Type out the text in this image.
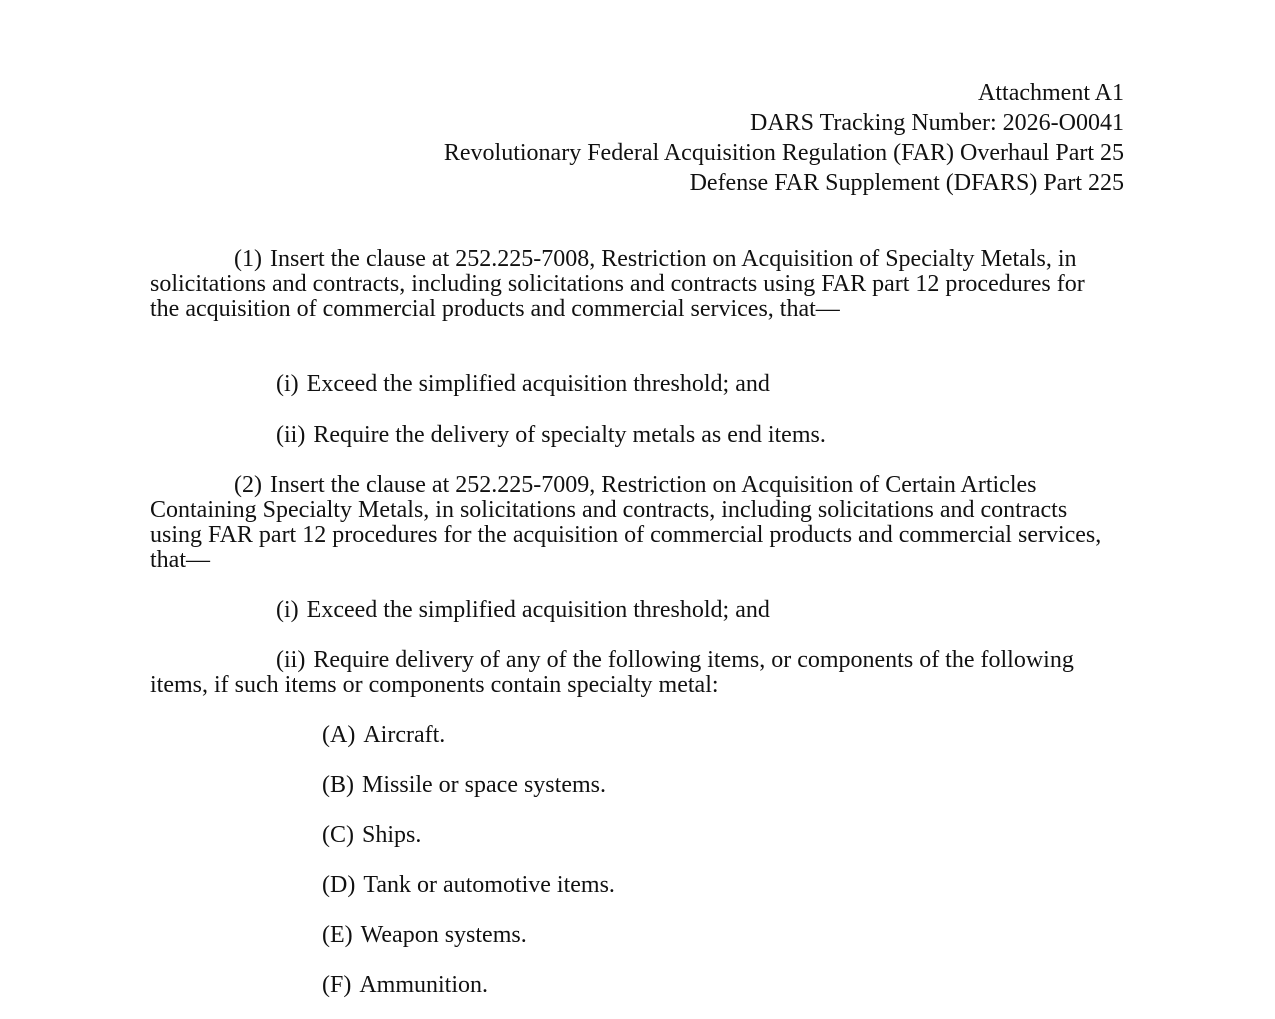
Attachment A1
DARS Tracking Number: 2026-O0041
Revolutionary Federal Acquisition Regulation (FAR) Overhaul Part 25
Defense FAR Supplement (DFARS) Part 225

(1) Insert the clause at 252.225-7008, Restriction on Acquisition of Specialty Metals, in solicitations and contracts, including solicitations and contracts using FAR part 12 procedures for the acquisition of commercial products and commercial services, that—

(i) Exceed the simplified acquisition threshold; and
(ii) Require the delivery of specialty metals as end items.

(2) Insert the clause at 252.225-7009, Restriction on Acquisition of Certain Articles Containing Specialty Metals, in solicitations and contracts, including solicitations and contracts using FAR part 12 procedures for the acquisition of commercial products and commercial services, that—

(i) Exceed the simplified acquisition threshold; and
(ii) Require delivery of any of the following items, or components of the following items, if such items or components contain specialty metal:
(A) Aircraft.
(B) Missile or space systems.
(C) Ships.
(D) Tank or automotive items.
(E) Weapon systems.
(F) Ammunition.
